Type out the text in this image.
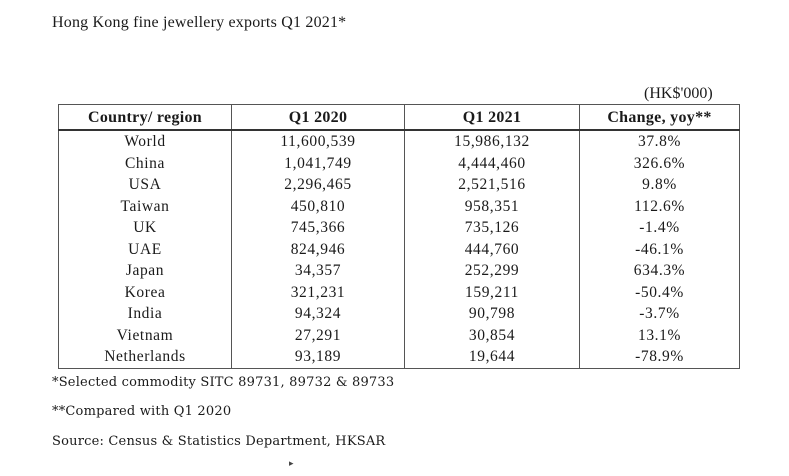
Hong Kong fine jewellery exports Q1 2021*
(HK$'000)
Country/ region	Q1 2020	Q1 2021	Change, yoy**
World	11,600,539	15,986,132	37.8%
China	1,041,749	4,444,460	326.6%
USA	2,296,465	2,521,516	9.8%
Taiwan	450,810	958,351	112.6%
UK	745,366	735,126	-1.4%
UAE	824,946	444,760	-46.1%
Japan	34,357	252,299	634.3%
Korea	321,231	159,211	-50.4%
India	94,324	90,798	-3.7%
Vietnam	27,291	30,854	13.1%
Netherlands	93,189	19,644	-78.9%
*Selected commodity SITC 89731, 89732 & 89733
**Compared with Q1 2020
Source: Census & Statistics Department, HKSAR
▸
